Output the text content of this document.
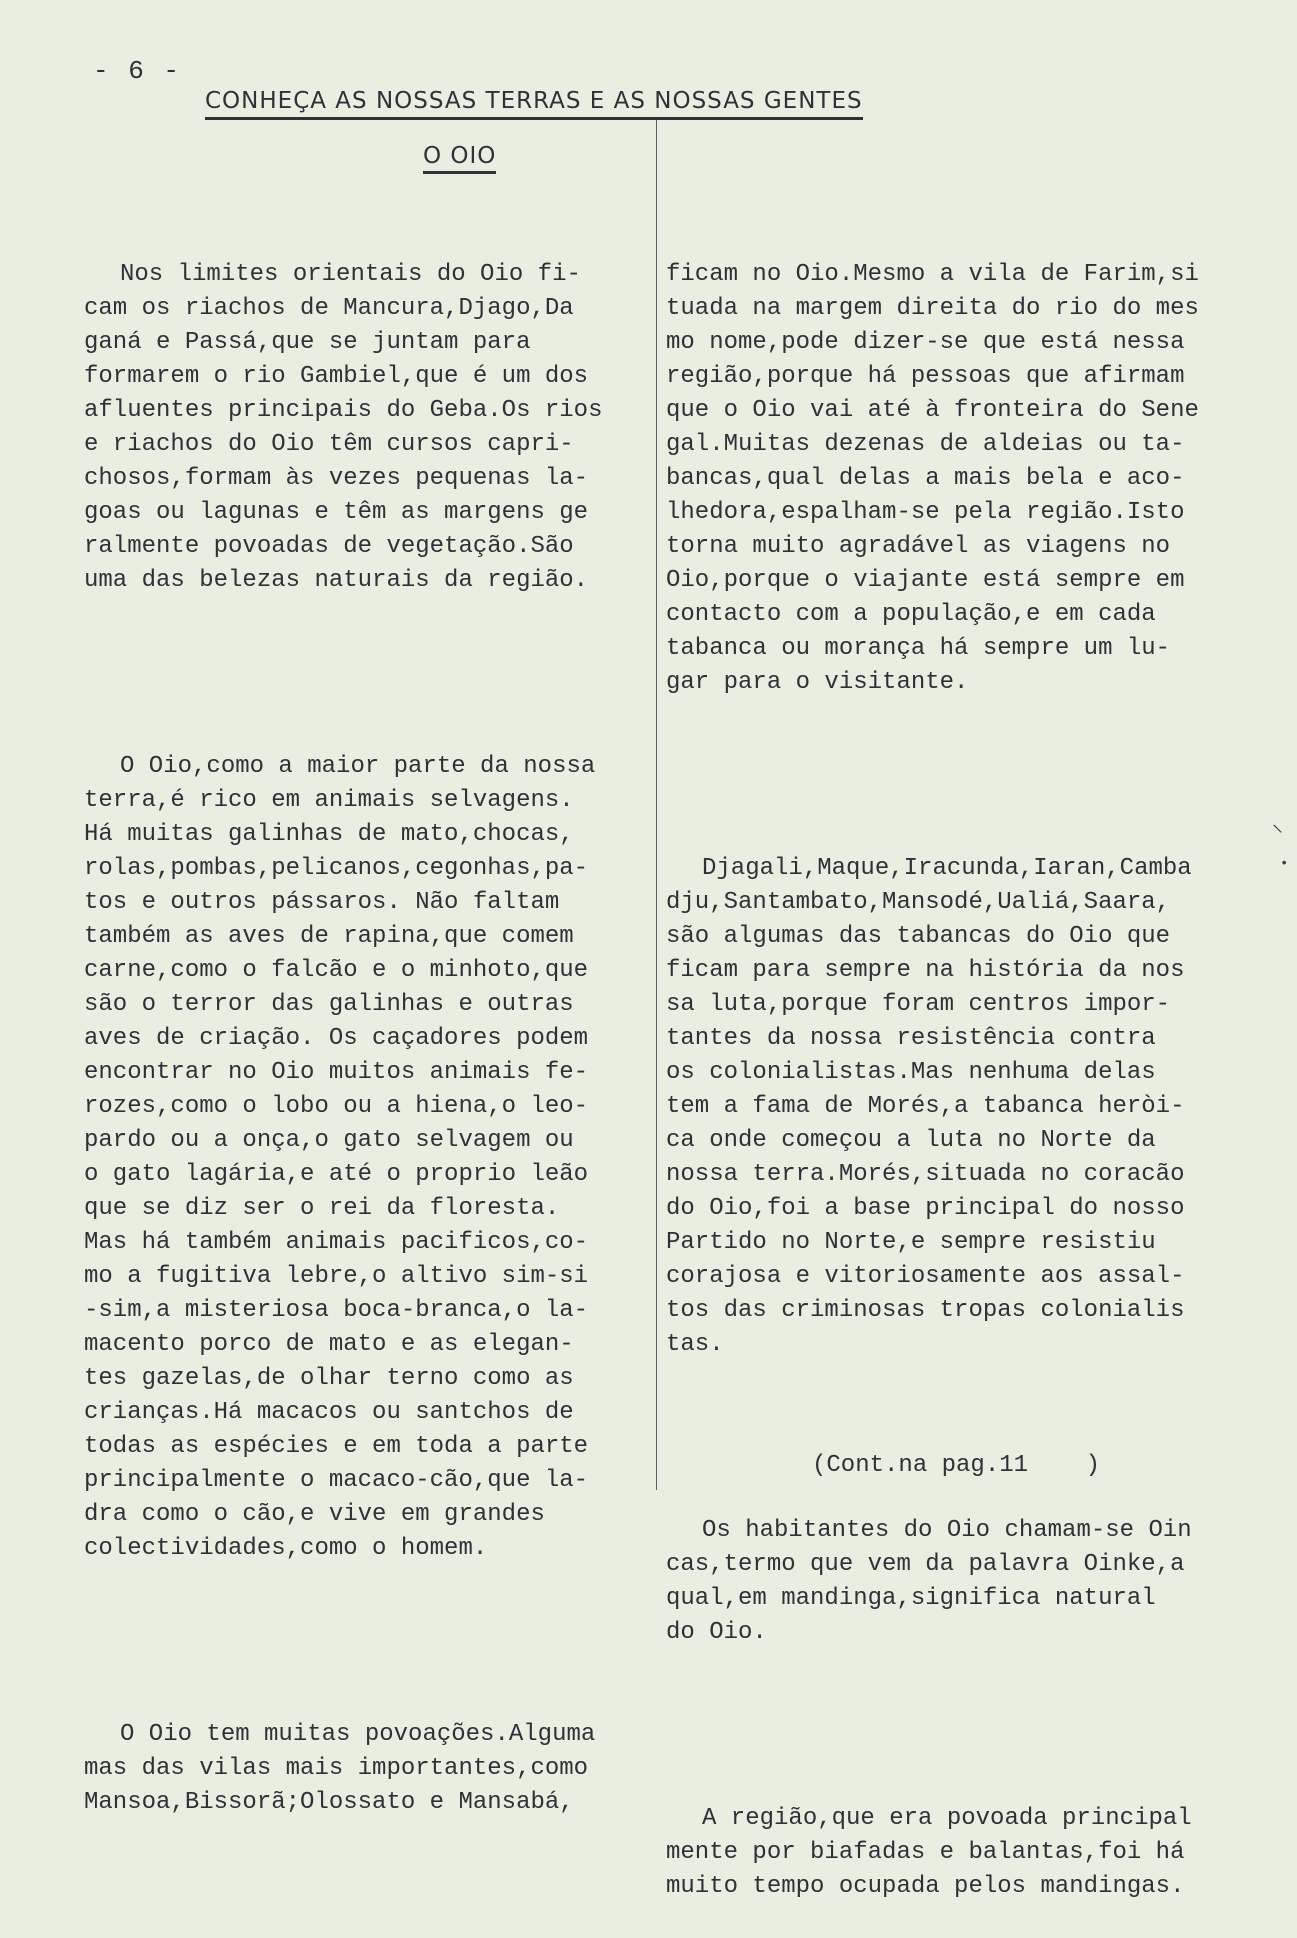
- 6 -
CONHEÇA AS NOSSAS TERRAS E AS NOSSAS GENTES
O OIO

Nos limites orientais do Oio fi-
cam os riachos de Mancura,Djago,Da
ganá e Passá,que se juntam para
formarem o rio Gambiel,que é um dos
afluentes principais do Geba.Os rios
e riachos do Oio têm cursos capri-
chosos,formam às vezes pequenas la-
goas ou lagunas e têm as margens ge
ralmente povoadas de vegetação.São
uma das belezas naturais da região.

O Oio,como a maior parte da nossa
terra,é rico em animais selvagens.
Há muitas galinhas de mato,chocas,
rolas,pombas,pelicanos,cegonhas,pa-
tos e outros pássaros. Não faltam
também as aves de rapina,que comem
carne,como o falcão e o minhoto,que
são o terror das galinhas e outras
aves de criação. Os caçadores podem
encontrar no Oio muitos animais fe-
rozes,como o lobo ou a hiena,o leo-
pardo ou a onça,o gato selvagem ou
o gato lagária,e até o proprio leão
que se diz ser o rei da floresta.
Mas há também animais pacificos,co-
mo a fugitiva lebre,o altivo sim-si
-sim,a misteriosa boca-branca,o la-
macento porco de mato e as elegan-
tes gazelas,de olhar terno como as
crianças.Há macacos ou santchos de
todas as espécies e em toda a parte
principalmente o macaco-cão,que la-
dra como o cão,e vive em grandes
colectividades,como o homem.

O Oio tem muitas povoações.Alguma
mas das vilas mais importantes,como
Mansoa,Bissorã;Olossato e Mansabá,

ficam no Oio.Mesmo a vila de Farim,si
tuada na margem direita do rio do mes
mo nome,pode dizer-se que está nessa
região,porque há pessoas que afirmam
que o Oio vai até à fronteira do Sene
gal.Muitas dezenas de aldeias ou ta-
bancas,qual delas a mais bela e aco-
lhedora,espalham-se pela região.Isto
torna muito agradável as viagens no
Oio,porque o viajante está sempre em
contacto com a população,e em cada
tabanca ou morança há sempre um lu-
gar para o visitante.

Djagali,Maque,Iracunda,Iaran,Camba
dju,Santambato,Mansodé,Ualiá,Saara,
são algumas das tabancas do Oio que
ficam para sempre na história da nos
sa luta,porque foram centros impor-
tantes da nossa resistência contra
os colonialistas.Mas nenhuma delas
tem a fama de Morés,a tabanca heròi-
ca onde começou a luta no Norte da
nossa terra.Morés,situada no coracão
do Oio,foi a base principal do nosso
Partido no Norte,e sempre resistiu
corajosa e vitoriosamente aos assal-
tos das criminosas tropas colonialis
tas.

Os habitantes do Oio chamam-se Oin
cas,termo que vem da palavra Oinke,a
qual,em mandinga,significa natural
do Oio.

A região,que era povoada principal
mente por biafadas e balantas,foi há
muito tempo ocupada pelos mandingas.

(Cont.na pag.11    )
⸜
•
